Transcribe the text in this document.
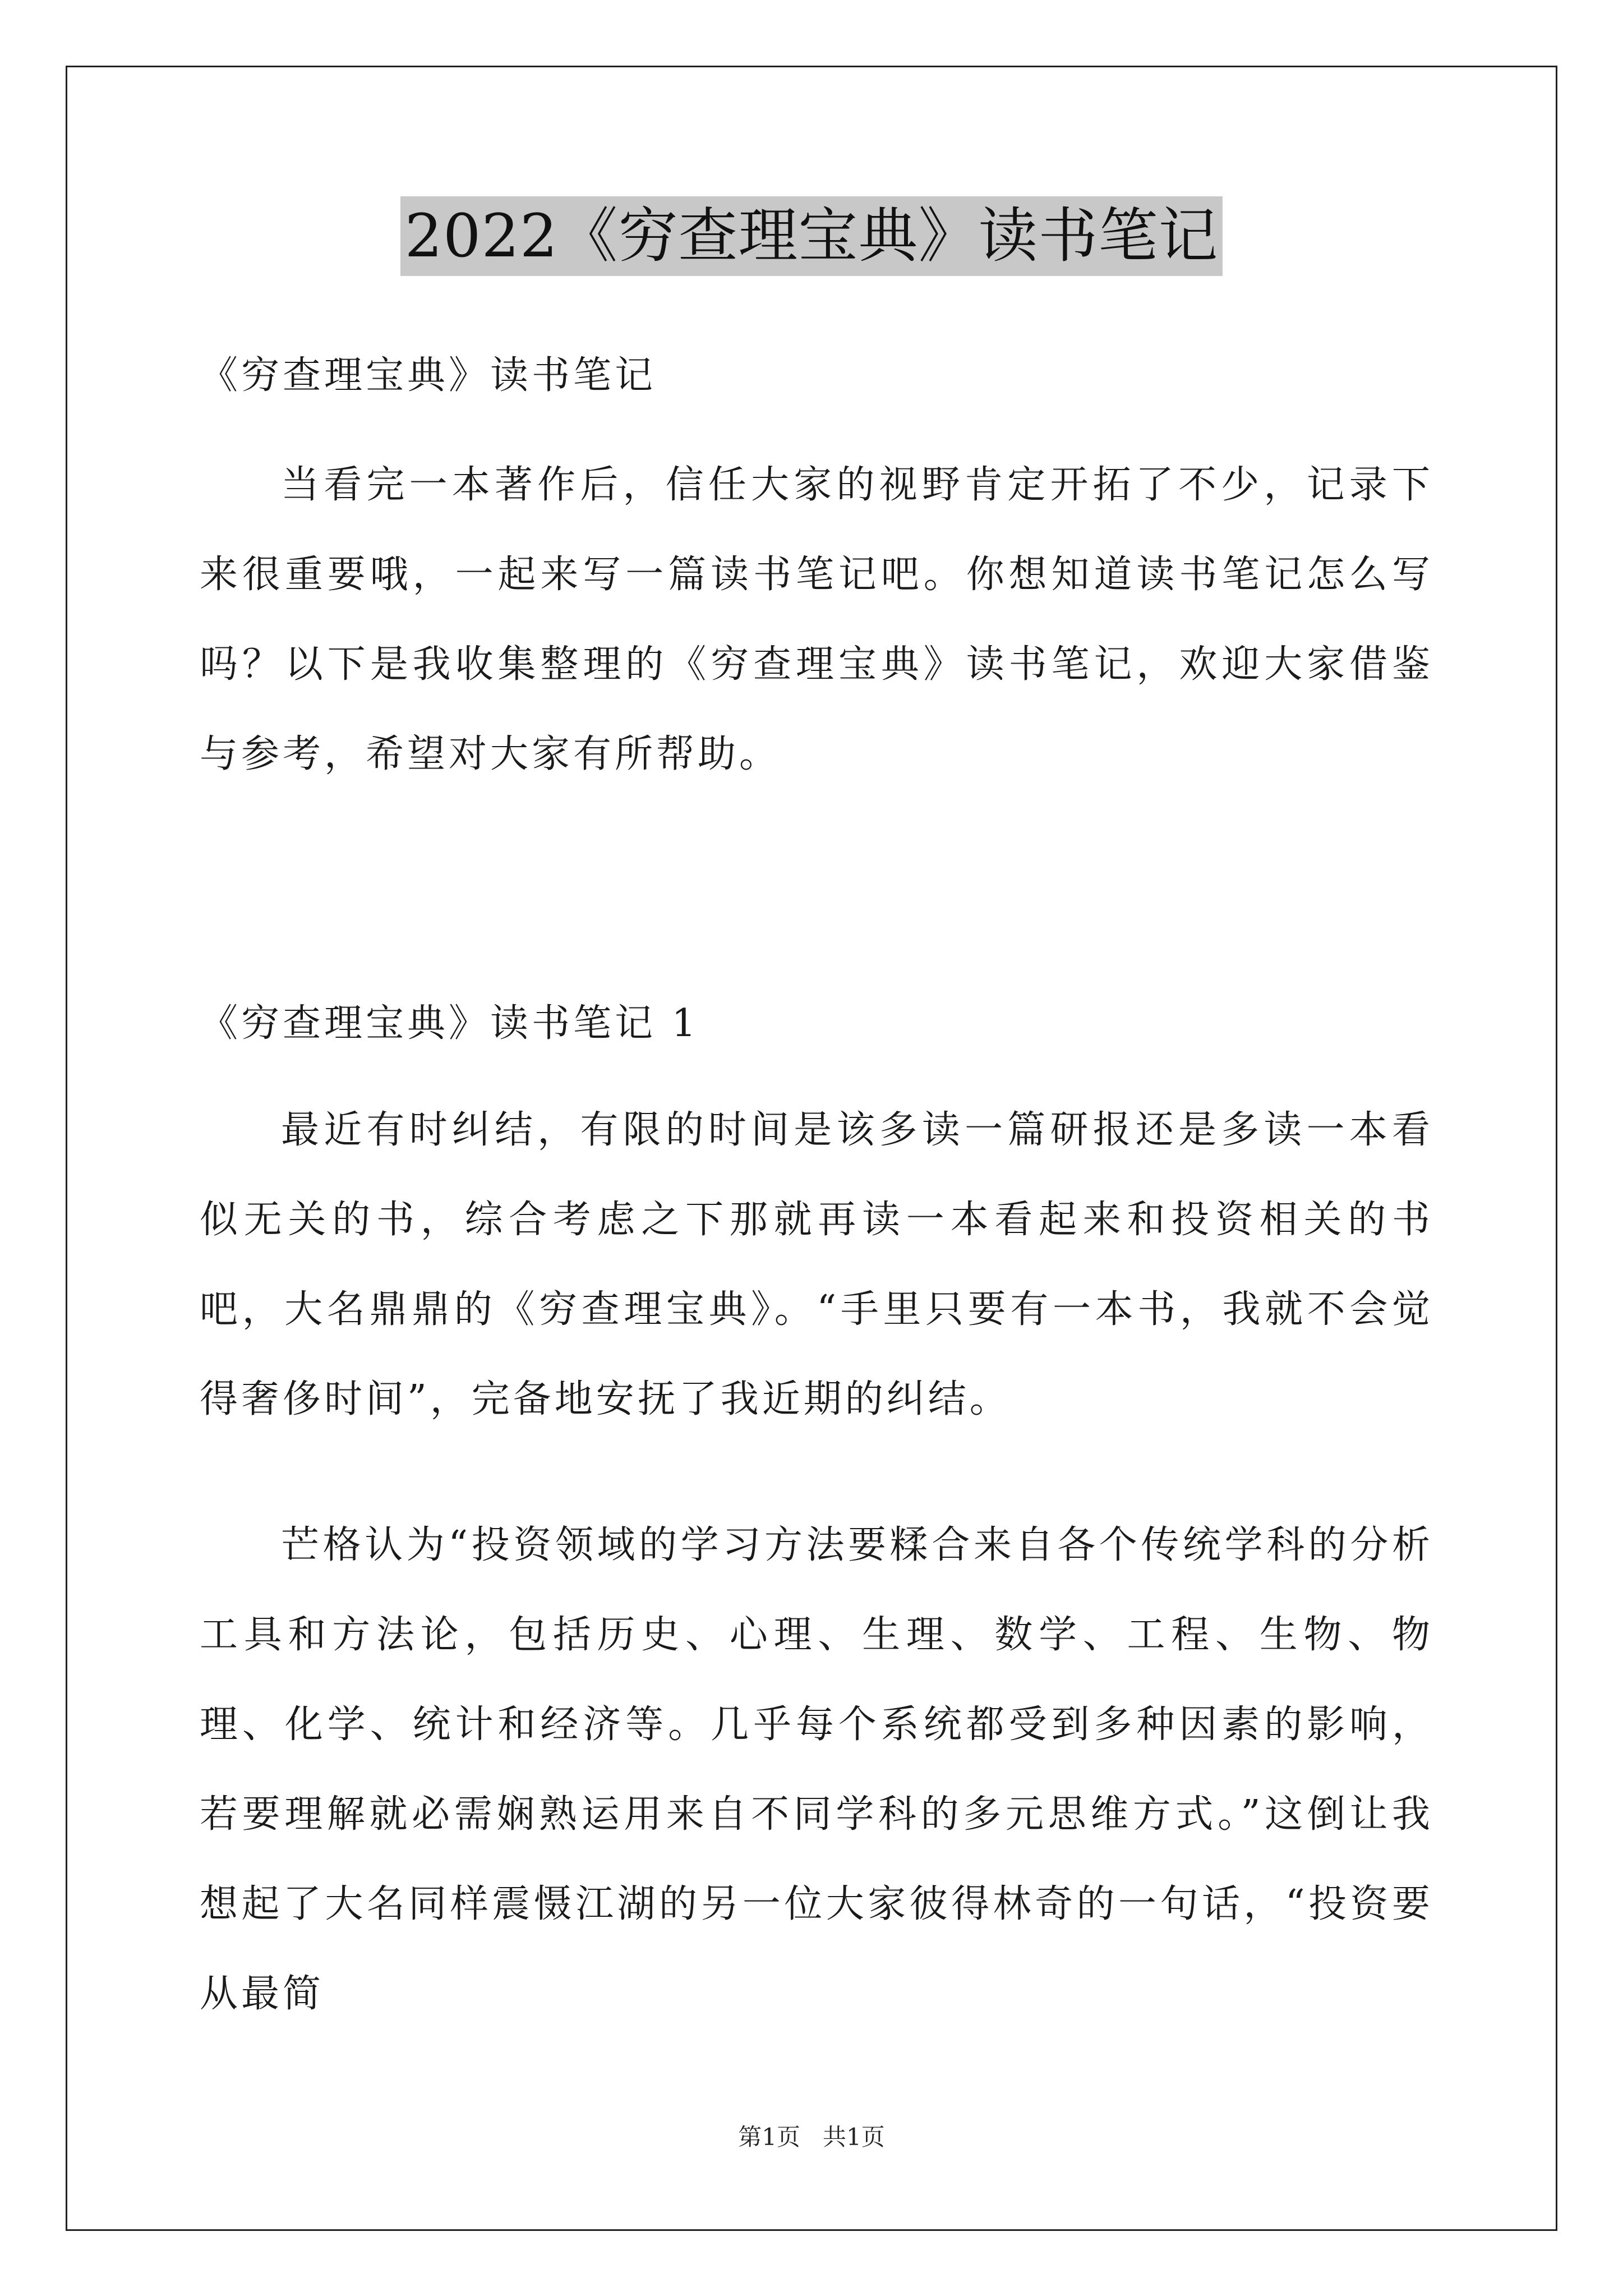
2022《穷查理宝典》读书笔记

《穷查理宝典》读书笔记

当看完一本著作后，信任大家的视野肯定开拓了不少，记录下来很重要哦，一起来写一篇读书笔记吧。你想知道读书笔记怎么写吗？以下是我收集整理的《穷查理宝典》读书笔记，欢迎大家借鉴与参考，希望对大家有所帮助。

《穷查理宝典》读书笔记 1

最近有时纠结，有限的时间是该多读一篇研报还是多读一本看似无关的书，综合考虑之下那就再读一本看起来和投资相关的书吧，大名鼎鼎的《穷查理宝典》。“手里只要有一本书，我就不会觉得奢侈时间”，完备地安抚了我近期的纠结。

芒格认为“投资领域的学习方法要糅合来自各个传统学科的分析工具和方法论，包括历史、心理、生理、数学、工程、生物、物理、化学、统计和经济等。几乎每个系统都受到多种因素的影响，若要理解就必需娴熟运用来自不同学科的多元思维方式。”这倒让我想起了大名同样震慑江湖的另一位大家彼得林奇的一句话，“投资要从最简

第1页   共1页
